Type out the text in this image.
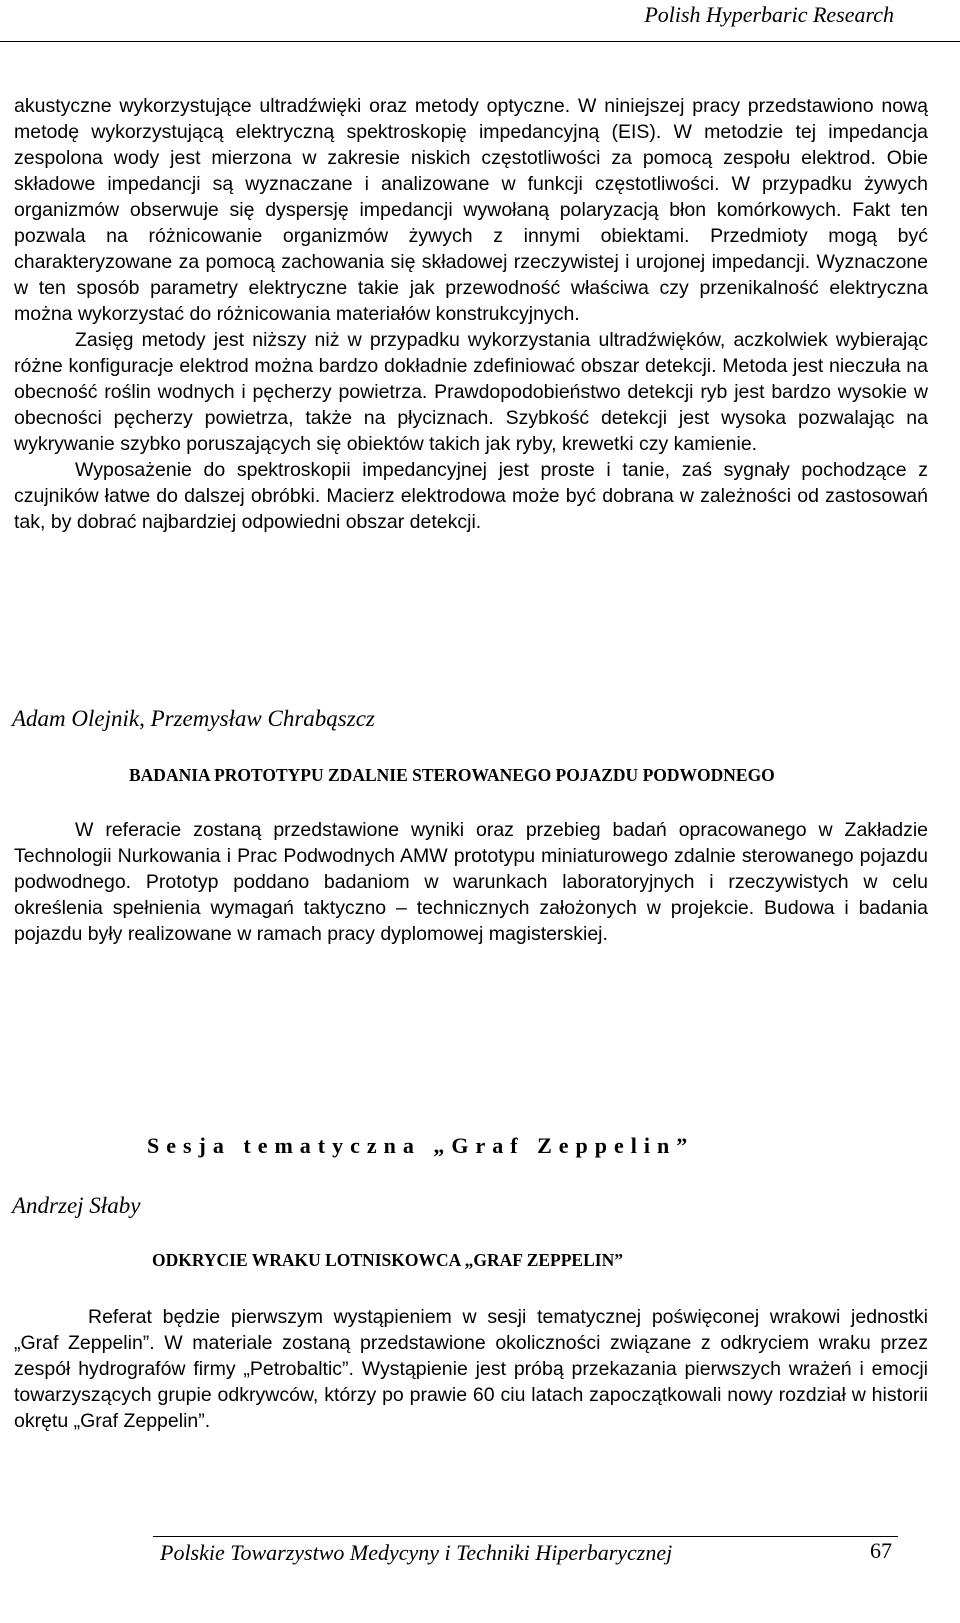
Polish Hyperbaric Research

akustyczne wykorzystujące ultradźwięki oraz metody optyczne. W niniejszej pracy przedstawiono nową metodę wykorzystującą elektryczną spektroskopię impedancyjną (EIS). W metodzie tej impedancja zespolona wody jest mierzona w zakresie niskich częstotliwości za pomocą zespołu elektrod. Obie składowe impedancji są wyznaczane i analizowane w funkcji częstotliwości. W przypadku żywych organizmów obserwuje się dyspersję impedancji wywołaną polaryzacją błon komórkowych. Fakt ten pozwala na różnicowanie organizmów żywych z innymi obiektami. Przedmioty mogą być charakteryzowane za pomocą zachowania się składowej rzeczywistej i urojonej impedancji. Wyznaczone w ten sposób parametry elektryczne takie jak przewodność właściwa czy przenikalność elektryczna można wykorzystać do różnicowania materiałów konstrukcyjnych.

Zasięg metody jest niższy niż w przypadku wykorzystania ultradźwięków, aczkolwiek wybierając różne konfiguracje elektrod można bardzo dokładnie zdefiniować obszar detekcji. Metoda jest nieczuła na obecność roślin wodnych i pęcherzy powietrza. Prawdopodobieństwo detekcji ryb jest bardzo wysokie w obecności pęcherzy powietrza, także na płyciznach. Szybkość detekcji jest wysoka pozwalając na wykrywanie szybko poruszających się obiektów takich jak ryby, krewetki czy kamienie.

Wyposażenie do spektroskopii impedancyjnej jest proste i tanie, zaś sygnały pochodzące z czujników łatwe do dalszej obróbki. Macierz elektrodowa może być dobrana w zależności od zastosowań tak, by dobrać najbardziej odpowiedni obszar detekcji.

Adam Olejnik, Przemysław Chrabąszcz
BADANIA PROTOTYPU ZDALNIE STEROWANEGO POJAZDU PODWODNEGO
W referacie zostaną przedstawione wyniki oraz przebieg badań opracowanego w Zakładzie Technologii Nurkowania i Prac Podwodnych AMW prototypu miniaturowego zdalnie sterowanego pojazdu podwodnego. Prototyp poddano badaniom w warunkach laboratoryjnych i rzeczywistych w celu określenia spełnienia wymagań taktyczno – technicznych założonych w projekcie. Budowa i badania pojazdu były realizowane w ramach pracy dyplomowej magisterskiej.
Sesja tematyczna „Graf Zeppelin”
Andrzej Słaby
ODKRYCIE WRAKU LOTNISKOWCA „GRAF ZEPPELIN”
Referat będzie pierwszym wystąpieniem w sesji tematycznej poświęconej wrakowi jednostki „Graf Zeppelin”. W materiale zostaną przedstawione okoliczności związane z odkryciem wraku przez zespół hydrografów firmy „Petrobaltic”. Wystąpienie jest próbą przekazania pierwszych wrażeń i emocji towarzyszących grupie odkrywców, którzy po prawie 60 ciu latach zapoczątkowali nowy rozdział w historii okrętu „Graf Zeppelin”.
Polskie Towarzystwo Medycyny i Techniki Hiperbarycznej	67
